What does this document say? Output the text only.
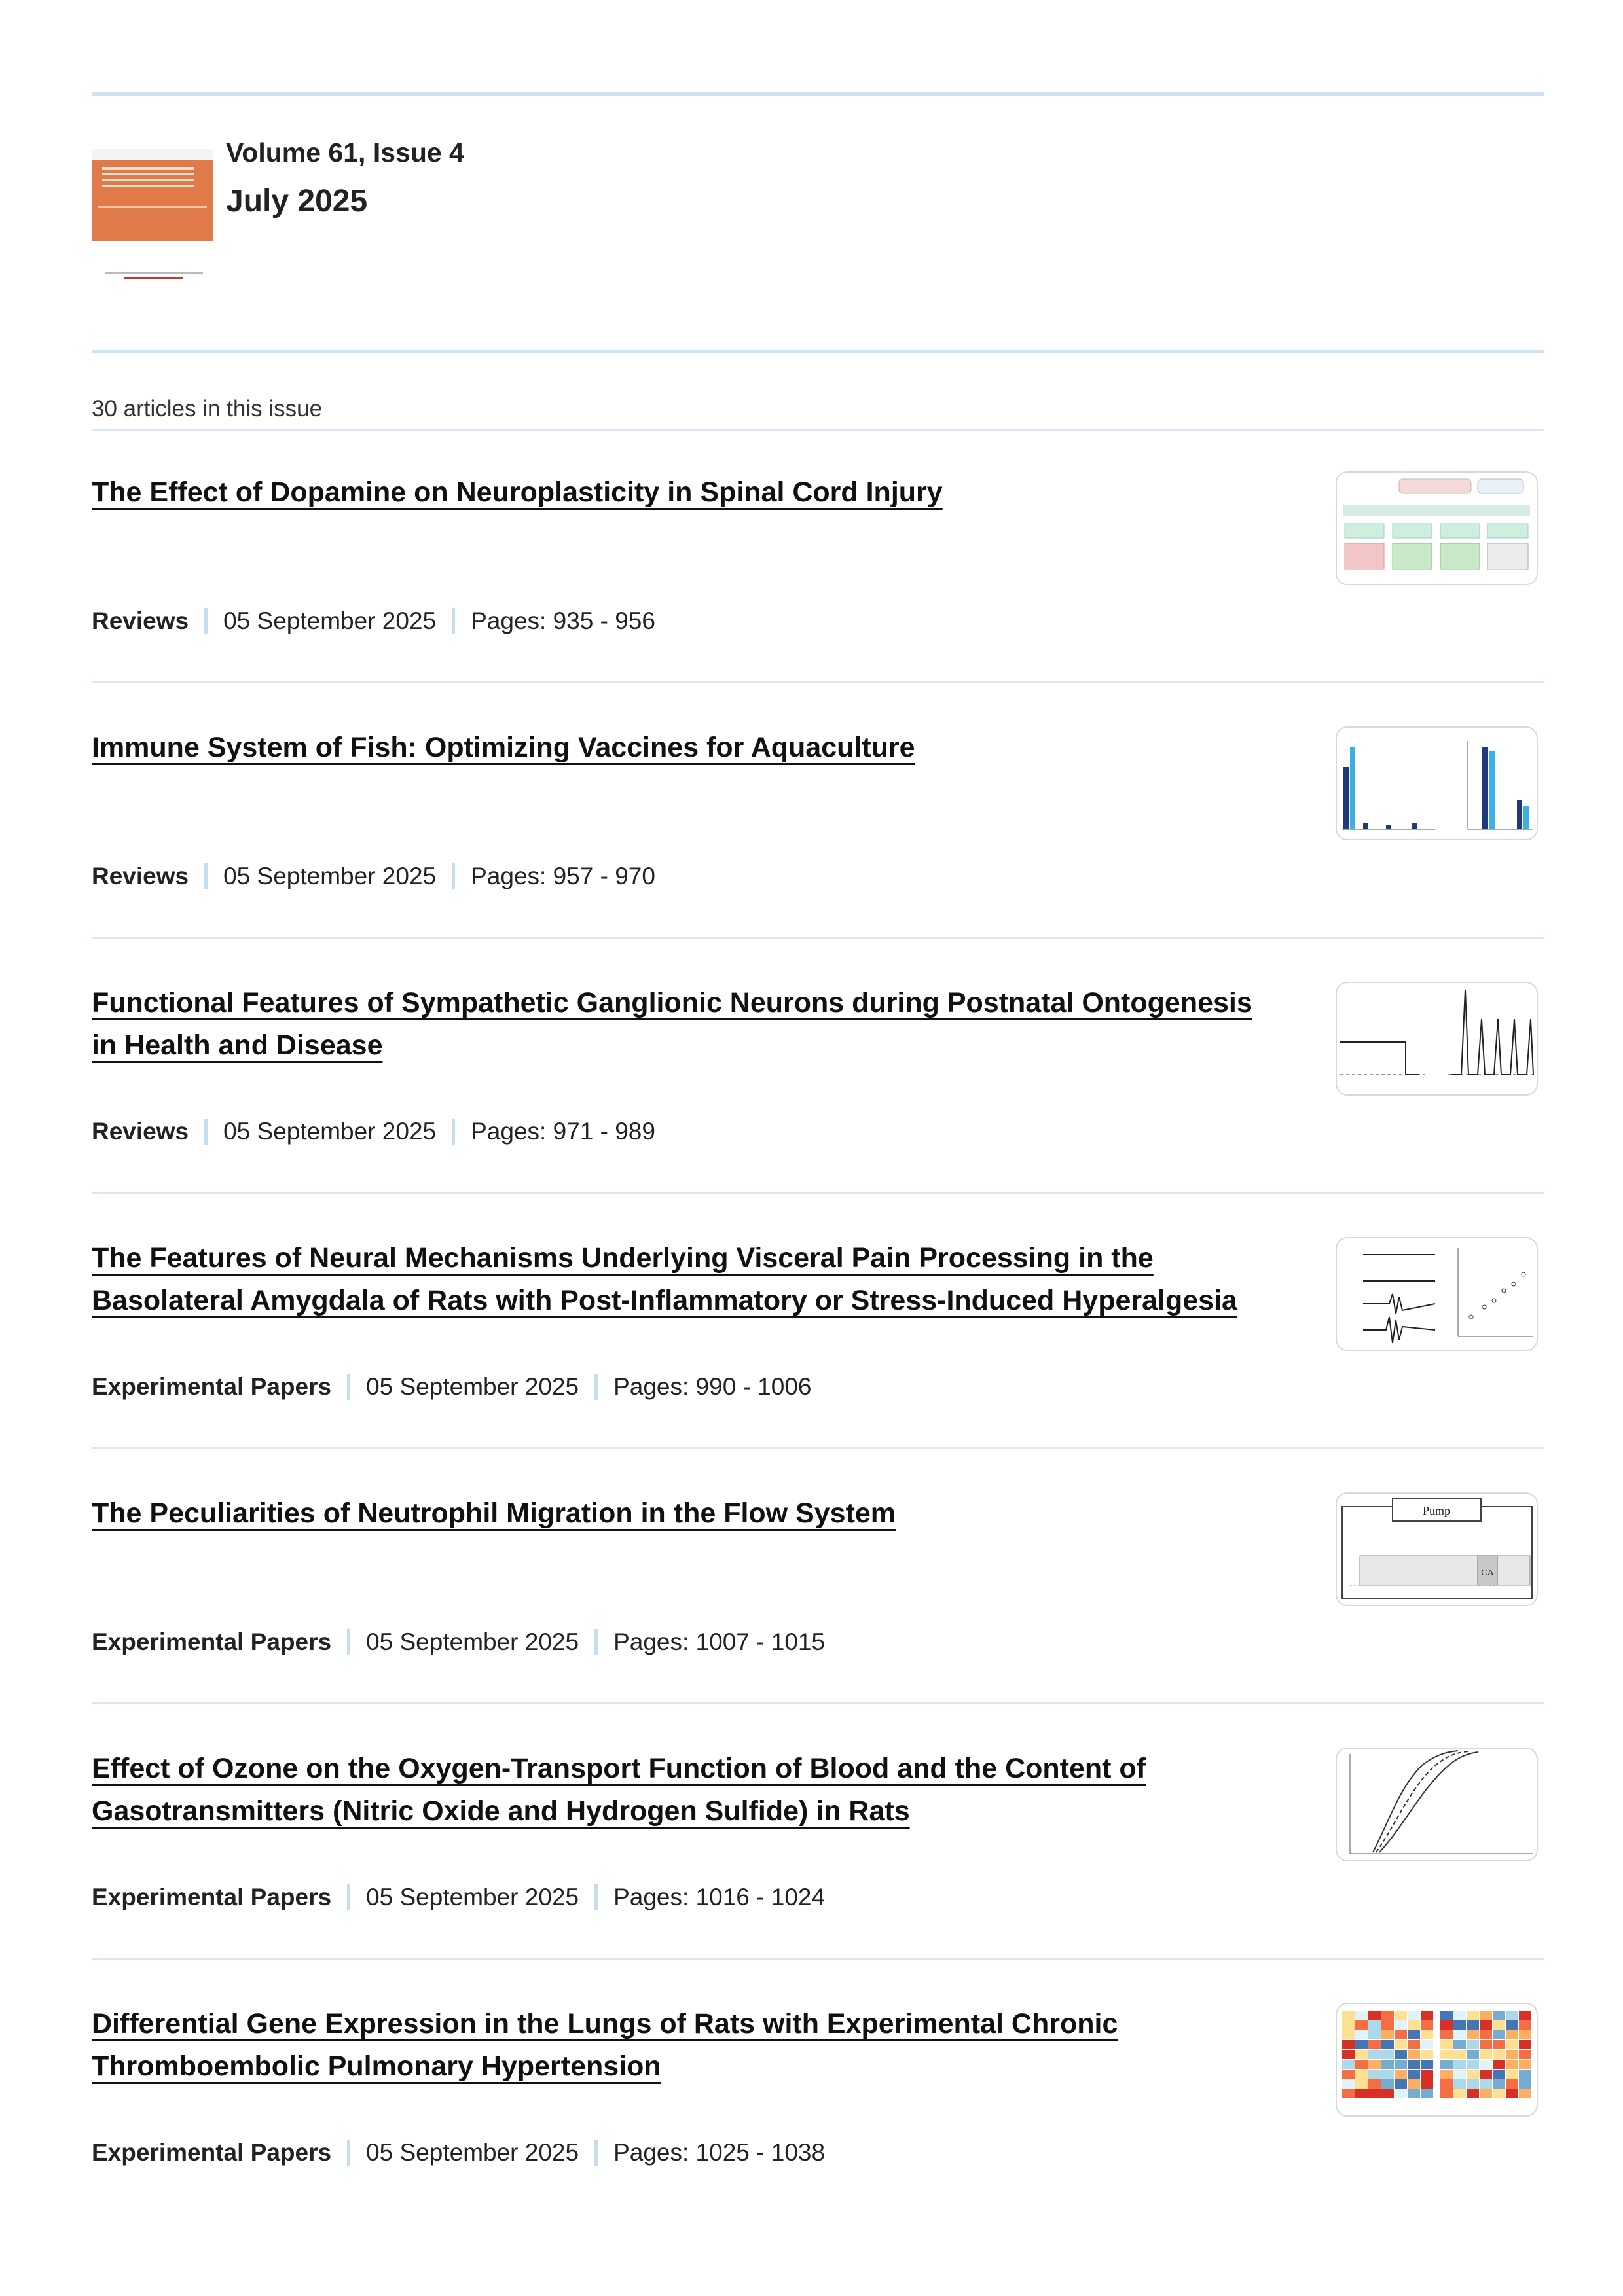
Volume 61, Issue 4
July 2025
30 articles in this issue
The Effect of Dopamine on Neuroplasticity in Spinal Cord Injury
Reviews 05 September 2025 Pages: 935 - 956
Immune System of Fish: Optimizing Vaccines for Aquaculture
Reviews 05 September 2025 Pages: 957 - 970
Functional Features of Sympathetic Ganglionic Neurons during Postnatal Ontogenesis in Health and Disease
Reviews 05 September 2025 Pages: 971 - 989
The Features of Neural Mechanisms Underlying Visceral Pain Processing in the Basolateral Amygdala of Rats with Post-Inflammatory or Stress-Induced Hyperalgesia
Experimental Papers 05 September 2025 Pages: 990 - 1006
The Peculiarities of Neutrophil Migration in the Flow System
Experimental Papers 05 September 2025 Pages: 1007 - 1015
Pump
CA
Effect of Ozone on the Oxygen-Transport Function of Blood and the Content of Gasotransmitters (Nitric Oxide and Hydrogen Sulfide) in Rats
Experimental Papers 05 September 2025 Pages: 1016 - 1024
Differential Gene Expression in the Lungs of Rats with Experimental Chronic Thromboembolic Pulmonary Hypertension
Experimental Papers 05 September 2025 Pages: 1025 - 1038
